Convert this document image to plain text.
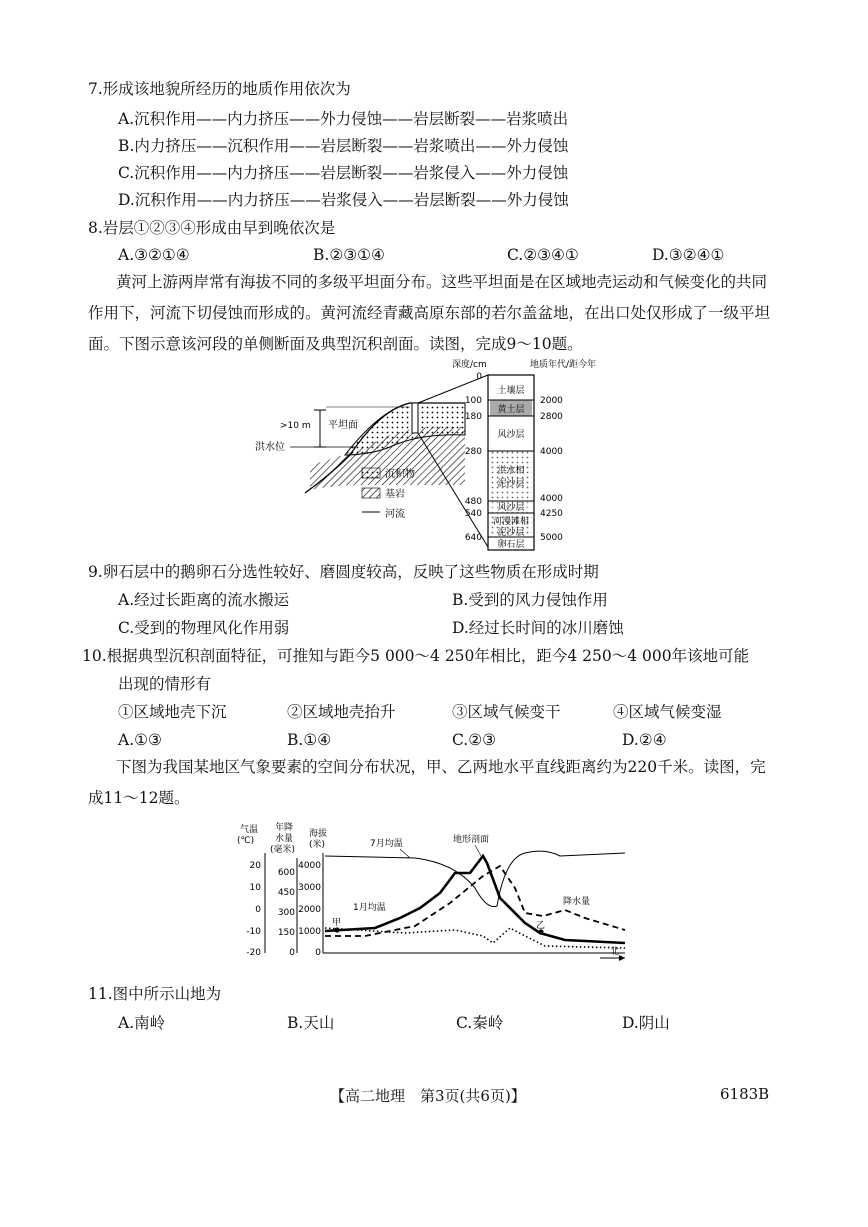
7.形成该地貌所经历的地质作用依次为
A.沉积作用——内力挤压——外力侵蚀——岩层断裂——岩浆喷出
B.内力挤压——沉积作用——岩层断裂——岩浆喷出——外力侵蚀
C.沉积作用——内力挤压——岩层断裂——岩浆侵入——外力侵蚀
D.沉积作用——内力挤压——岩浆侵入——岩层断裂——外力侵蚀
8.岩层①②③④形成由早到晚依次是
A.③②①④	B.②③①④	C.②③④①	D.③②④①
黄河上游两岸常有海拔不同的多级平坦面分布。这些平坦面是在区域地壳运动和气候变化的共同作用下，河流下切侵蚀而形成的。黄河流经青藏高原东部的若尔盖盆地，在出口处仅形成了一级平坦面。下图示意该河段的单侧断面及典型沉积剖面。读图，完成9～10题。
>10 m 平坦面
洪水位
沉积物
基岩
河流
深度/cm	地质年代/距今年
0
100
180
280
480
540
640
2000
2800
4000
4000
4250
5000
土壤层
黄土层
风沙层
洪水相
泥沙层
风沙层
河漫滩相
泥沙层
卵石层
9.卵石层中的鹅卵石分选性较好、磨圆度较高，反映了这些物质在形成时期
A.经过长距离的流水搬运	B.受到的风力侵蚀作用
C.受到的物理风化作用弱	D.经过长时间的冰川磨蚀
10.根据典型沉积剖面特征，可推知与距今5 000～4 250年相比，距今4 250～4 000年该地可能
出现的情形有
①区域地壳下沉	②区域地壳抬升	③区域气候变干	④区域气候变湿
A.①③	B.①④	C.②③	D.②④
下图为我国某地区气象要素的空间分布状况，甲、乙两地水平直线距离约为220千米。读图，完成11～12题。
气温
(℃)
年降
水量
(毫米)
海拔
(米)
20
10
0
-10
-20
600
450
300
150
0
4000
3000
2000
1000
0
7月均温	地形剖面
1月均温
降水量
甲	乙
北
11.图中所示山地为
A.南岭	B.天山	C.秦岭	D.阴山
【高二地理　第3页(共6页)】	6183B
